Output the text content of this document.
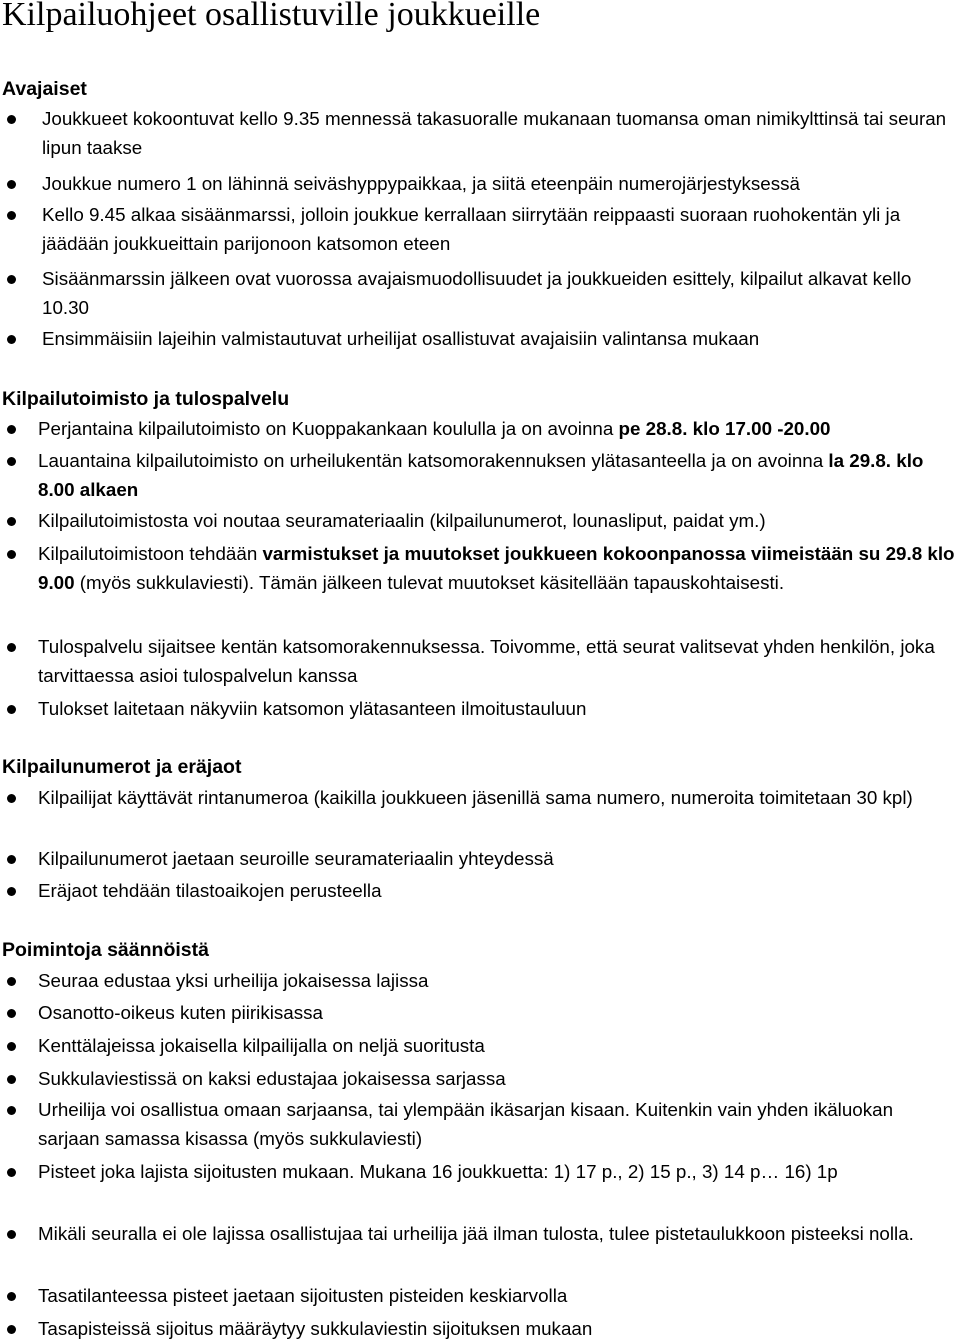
Kilpailuohjeet osallistuville joukkueille
Avajaiset
Joukkueet kokoontuvat kello 9.35 mennessä takasuoralle mukanaan tuomansa oman nimikylttinsä tai seuran lipun taakse
Joukkue numero 1 on lähinnä seiväshyppypaikkaa, ja siitä eteenpäin numerojärjestyksessä
Kello 9.45 alkaa sisäänmarssi, jolloin joukkue kerrallaan siirrytään reippaasti suoraan ruohokentän yli ja jäädään joukkueittain parijonoon katsomon eteen
Sisäänmarssin jälkeen ovat vuorossa avajaismuodollisuudet ja joukkueiden esittely, kilpailut alkavat kello 10.30
Ensimmäisiin lajeihin valmistautuvat urheilijat osallistuvat avajaisiin valintansa mukaan
Kilpailutoimisto ja tulospalvelu
Perjantaina kilpailutoimisto on Kuoppakankaan koululla ja on avoinna pe 28.8. klo 17.00 -20.00
Lauantaina kilpailutoimisto on urheilukentän katsomorakennuksen ylätasanteella ja on avoinna la 29.8. klo 8.00 alkaen
Kilpailutoimistosta voi noutaa seuramateriaalin (kilpailunumerot, lounasliput, paidat ym.)
Kilpailutoimistoon tehdään varmistukset ja muutokset joukkueen kokoonpanossa viimeistään su 29.8 klo 9.00 (myös sukkulaviesti). Tämän jälkeen tulevat muutokset käsitellään tapauskohtaisesti.
Tulospalvelu sijaitsee kentän katsomorakennuksessa. Toivomme, että seurat valitsevat yhden henkilön, joka tarvittaessa asioi tulospalvelun kanssa
Tulokset laitetaan näkyviin katsomon ylätasanteen ilmoitustauluun
Kilpailunumerot ja eräjaot
Kilpailijat käyttävät rintanumeroa (kaikilla joukkueen jäsenillä sama numero, numeroita toimitetaan 30 kpl)
Kilpailunumerot jaetaan seuroille seuramateriaalin yhteydessä
Eräjaot tehdään tilastoaikojen perusteella
Poimintoja säännöistä
Seuraa edustaa yksi urheilija jokaisessa lajissa
Osanotto-oikeus kuten piirikisassa
Kenttälajeissa jokaisella kilpailijalla on neljä suoritusta
Sukkulaviestissä on kaksi edustajaa jokaisessa sarjassa
Urheilija voi osallistua omaan sarjaansa, tai ylempään ikäsarjan kisaan. Kuitenkin vain yhden ikäluokan sarjaan samassa kisassa (myös sukkulaviesti)
Pisteet joka lajista sijoitusten mukaan. Mukana 16 joukkuetta: 1) 17 p., 2) 15 p., 3) 14 p… 16) 1p
Mikäli seuralla ei ole lajissa osallistujaa tai urheilija jää ilman tulosta, tulee pistetaulukkoon pisteeksi nolla.
Tasatilanteessa pisteet jaetaan sijoitusten pisteiden keskiarvolla
Tasapisteissä sijoitus määräytyy sukkulaviestin sijoituksen mukaan
